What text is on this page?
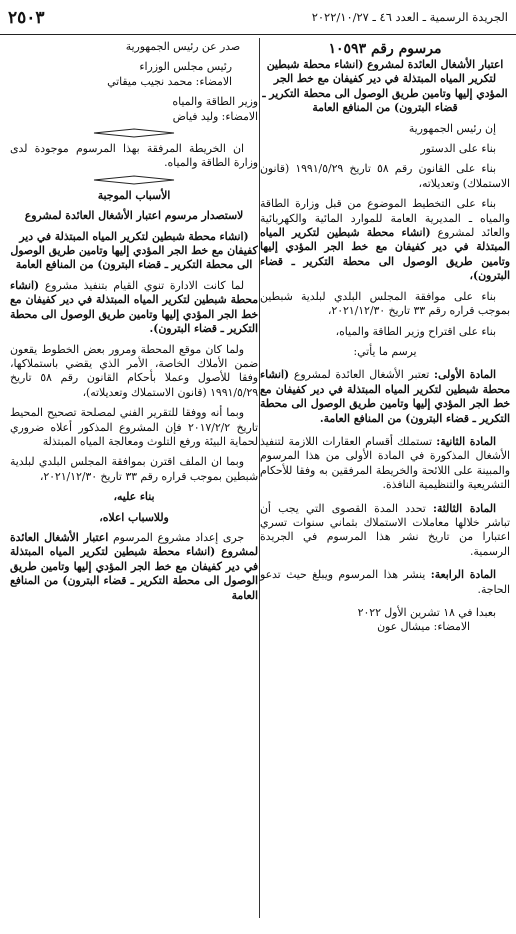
الجريدة الرسمية ـ العدد ٤٦ ـ ٢٠٢٢/١٠/٢٧
٢٥٠٣

مرسوم رقم ١٠٥٩٣

اعتبار الأشغال العائدة لمشروع (انشاء محطة شبطين لتكرير المياه المبتذلة في دير كفيفان مع خط الجر المؤدي إليها وتامين طريق الوصول الى محطة التكرير ـ قضاء البترون) من المنافع العامة

إن رئيس الجمهورية

بناء على الدستور

بناء على القانون رقم ٥٨ تاريخ ١٩٩١/٥/٢٩ (قانون الاستملاك) وتعديلاته،

بناء على التخطيط الموضوع من قبل وزارة الطاقة والمياه ـ المديرية العامة للموارد المائية والكهربائية والعائد لمشروع (انشاء محطة شبطين لتكرير المياه المبتذلة في دير كفيفان مع خط الجر المؤدي إليها وتامين طريق الوصول الى محطة التكرير ـ قضاء البترون)،

بناء على موافقة المجلس البلدي لبلدية شبطين بموجب قراره رقم ٣٣ تاريخ ٢٠٢١/١٢/٣٠،

بناء على اقتراح وزير الطاقة والمياه،

يرسم ما يأتي:

المادة الأولى: تعتبر الأشغال العائدة لمشروع (انشاء محطة شبطين لتكرير المياه المبتذلة في دير كفيفان مع خط الجر المؤدي إليها وتامين طريق الوصول الى محطة التكرير ـ قضاء البترون) من المنافع العامة.

المادة الثانية: تستملك أقسام العقارات اللازمة لتنفيذ الأشغال المذكورة في المادة الأولى من هذا المرسوم والمبينة على اللائحة والخريطة المرفقين به وفقا للأحكام التشريعية والتنظيمية النافذة.

المادة الثالثة: تحدد المدة القصوى التي يجب أن تباشر خلالها معاملات الاستملاك بثماني سنوات تسري اعتبارا من تاريخ نشر هذا المرسوم في الجريدة الرسمية.

المادة الرابعة: ينشر هذا المرسوم ويبلغ حيث تدعو الحاجة.

بعبدا في ١٨ تشرين الأول ٢٠٢٢

الامضاء: ميشال عون

صدر عن رئيس الجمهورية

رئيس مجلس الوزراء

الامضاء: محمد نجيب ميقاتي

وزير الطاقة والمياه

الامضاء: وليد فياض

ان الخريطة المرفقة بهذا المرسوم موجودة لدى وزارة الطاقة والمياه.

الأسباب الموجبة

لاستصدار مرسوم اعتبار الأشغال العائدة لمشروع

(انشاء محطة شبطين لتكرير المياه المبتذلة في دير كفيفان مع خط الجر المؤدي إليها وتامين طريق الوصول الى محطة التكرير ـ قضاء البترون) من المنافع العامة

لما كانت الادارة تنوي القيام بتنفيذ مشروع (انشاء محطة شبطين لتكرير المياه المبتذلة في دير كفيفان مع خط الجر المؤدي إليها وتامين طريق الوصول الى محطة التكرير ـ قضاء البترون).

ولما كان موقع المحطة ومرور بعض الخطوط يقعون ضمن الأملاك الخاصة، الأمر الذي يقضي باستملاكها، وفقا للأصول وعملا بأحكام القانون رقم ٥٨ تاريخ ١٩٩١/٥/٢٩ (قانون الاستملاك وتعديلاته)،

وبما أنه ووفقا للتقرير الفني لمصلحة تصحيح المحيط تاريخ ٢٠١٧/٢/٢ فإن المشروع المذكور أعلاه ضروري لحماية البيئة ورفع التلوث ومعالجة المياه المبتذلة

وبما ان الملف اقترن بموافقة المجلس البلدي لبلدية شبطين بموجب قراره رقم ٣٣ تاريخ ٢٠٢١/١٢/٣٠،

بناء عليه،

وللاسباب اعلاه،

جرى إعداد مشروع المرسوم اعتبار الأشغال العائدة لمشروع (انشاء محطة شبطين لتكرير المياه المبتذلة في دير كفيفان مع خط الجر المؤدي إليها وتامين طريق الوصول الى محطة التكرير ـ قضاء البترون) من المنافع العامة
